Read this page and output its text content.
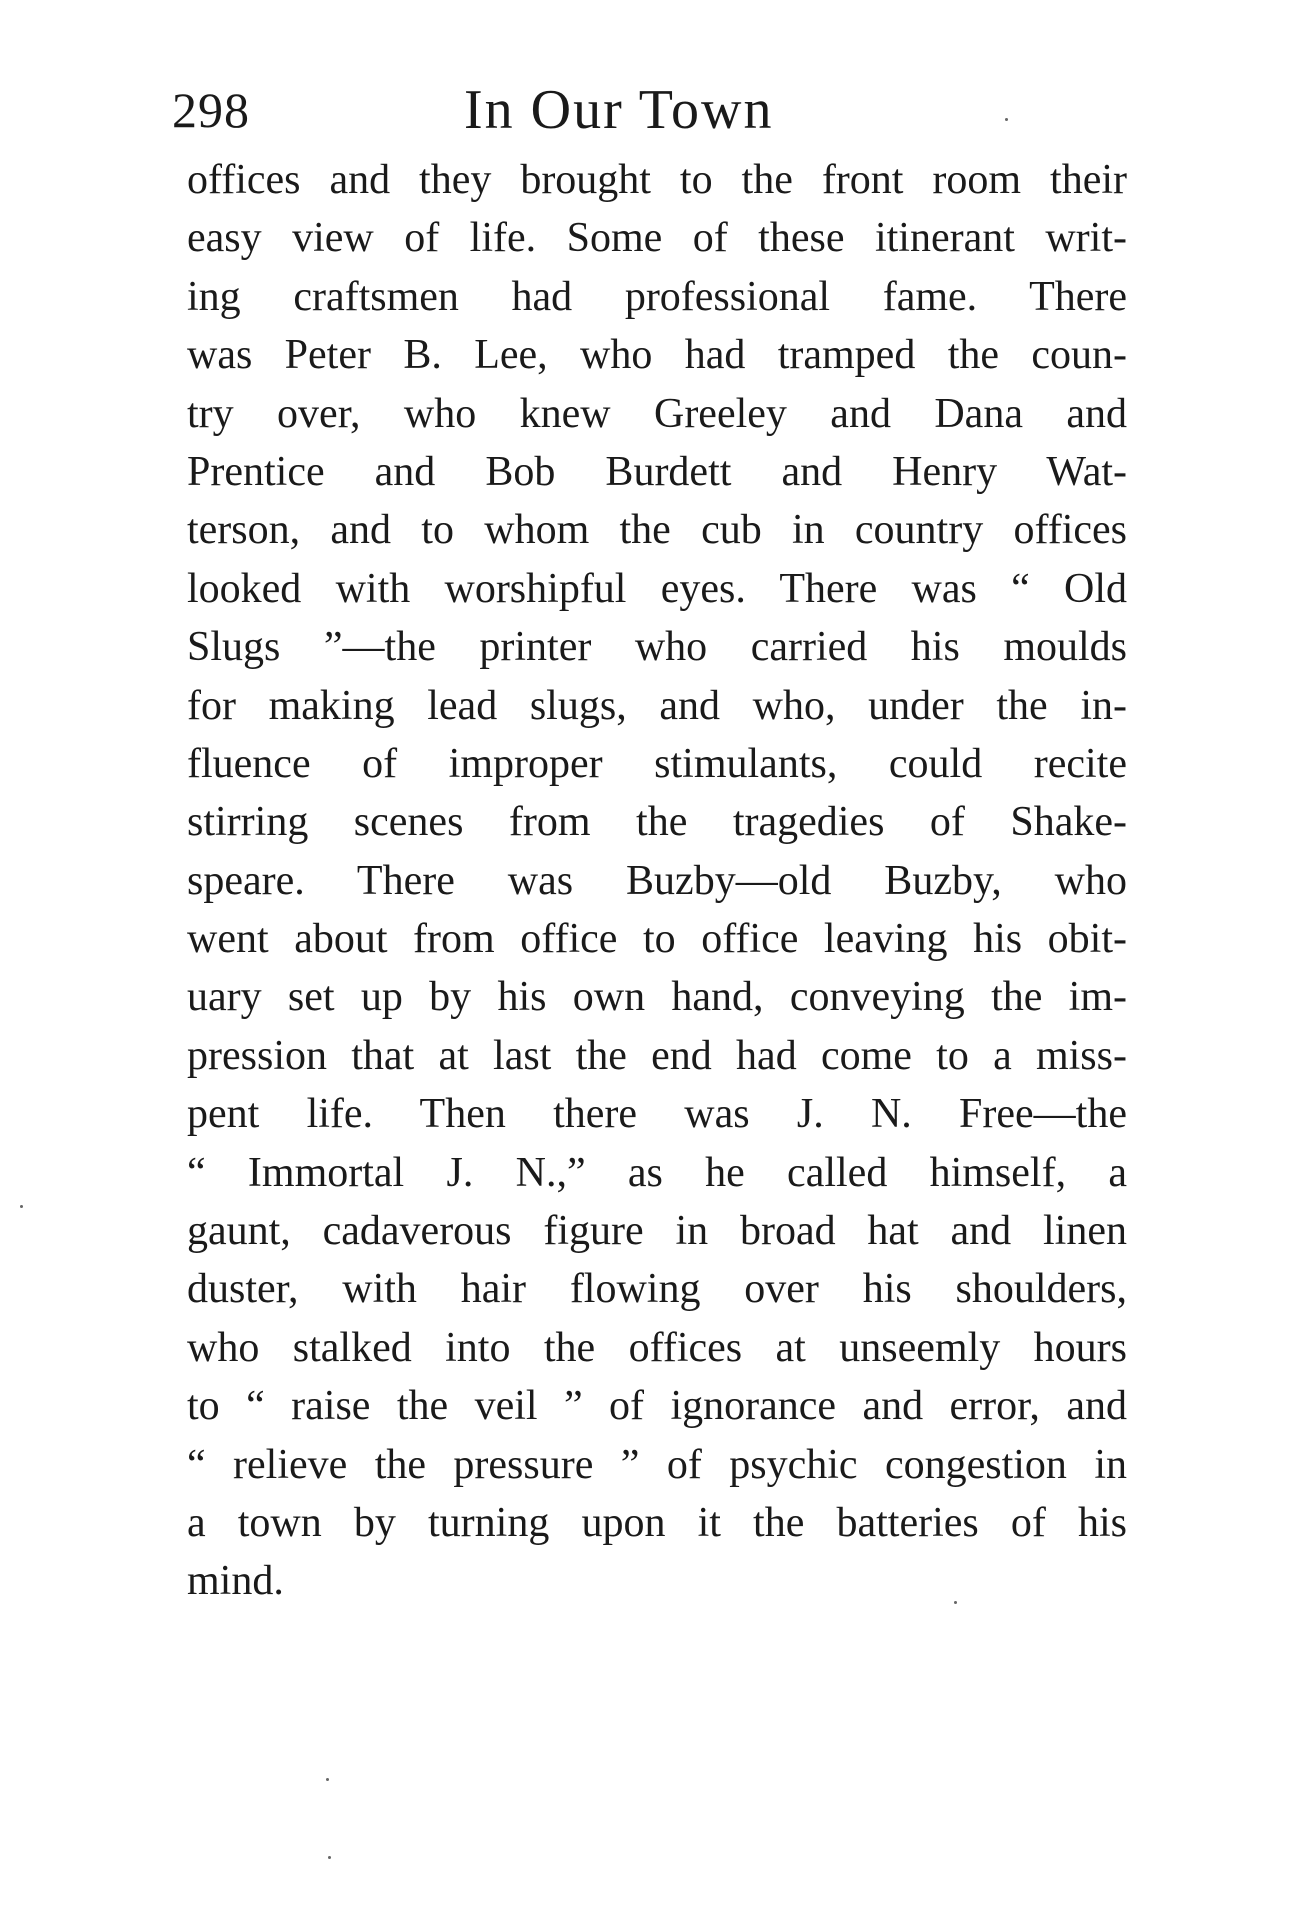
298	In Our Town
offices and they brought to the front room their
easy view of life. Some of these itinerant writ-
ing craftsmen had professional fame. There
was Peter B. Lee, who had tramped the coun-
try over, who knew Greeley and Dana and
Prentice and Bob Burdett and Henry Wat-
terson, and to whom the cub in country offices
looked with worshipful eyes. There was “ Old
Slugs ”—the printer who carried his moulds
for making lead slugs, and who, under the in-
fluence of improper stimulants, could recite
stirring scenes from the tragedies of Shake-
speare. There was Buzby—old Buzby, who
went about from office to office leaving his obit-
uary set up by his own hand, conveying the im-
pression that at last the end had come to a miss-
pent life. Then there was J. N. Free—the
“ Immortal J. N.,” as he called himself, a
gaunt, cadaverous figure in broad hat and linen
duster, with hair flowing over his shoulders,
who stalked into the offices at unseemly hours
to “ raise the veil ” of ignorance and error, and
“ relieve the pressure ” of psychic congestion in
a town by turning upon it the batteries of his
mind.
